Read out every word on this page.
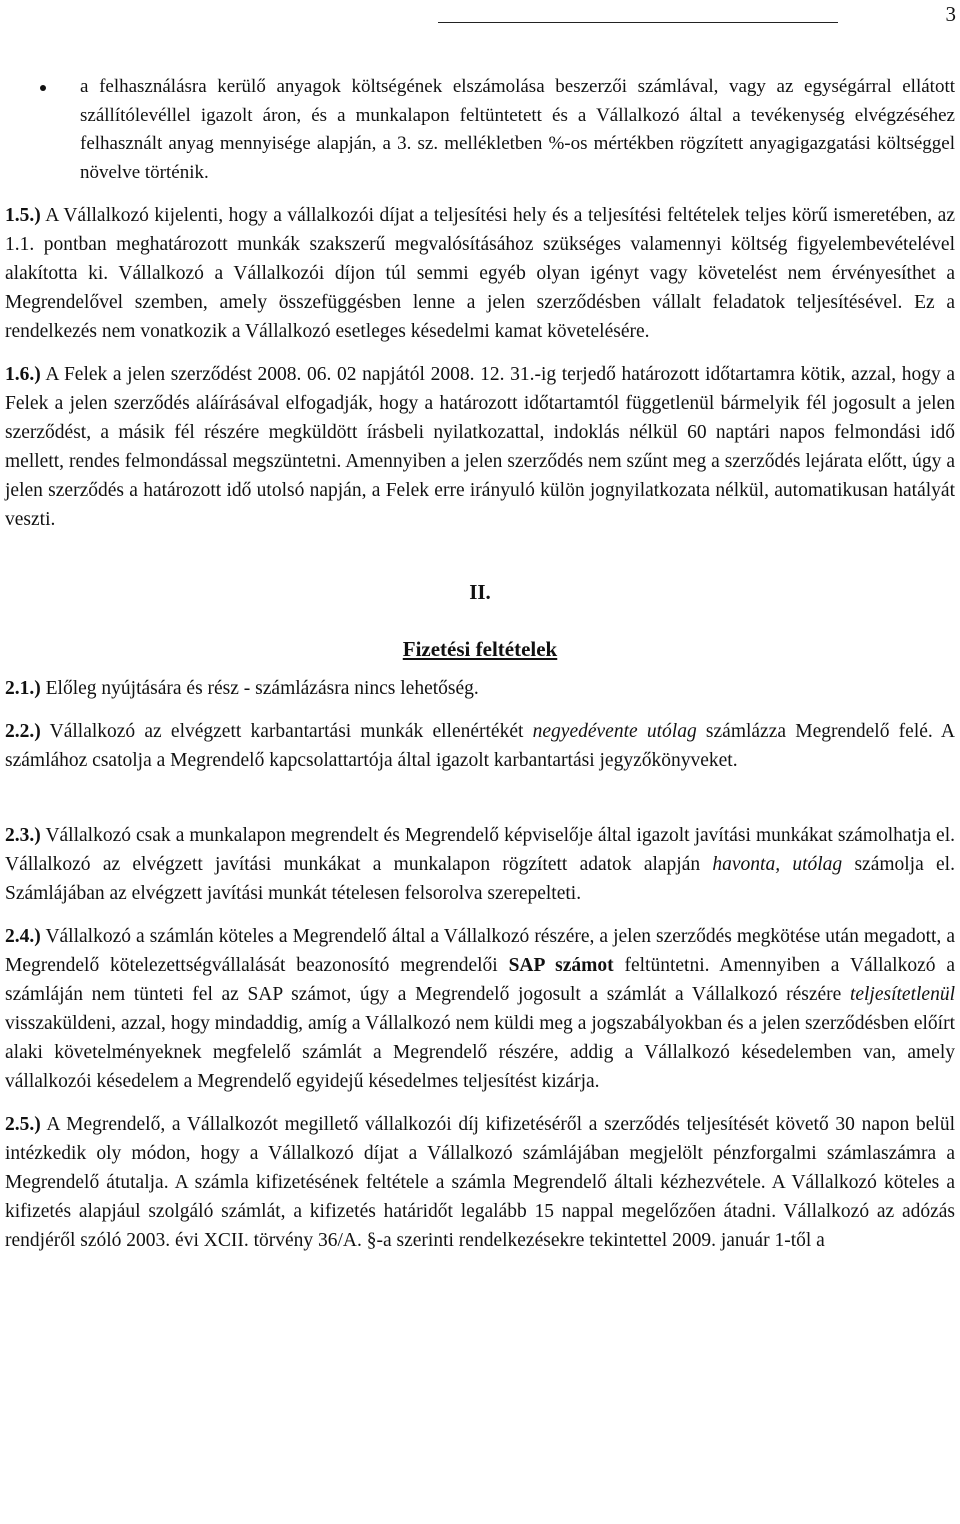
3
a felhasználásra kerülő anyagok költségének elszámolása beszerzői számlával, vagy az egységárral ellátott szállítólevéllel igazolt áron, és a munkalapon feltüntetett és a Vállalkozó által a tevékenység elvégzéséhez felhasznált anyag mennyisége alapján, a 3. sz. mellékletben %-os mértékben rögzített anyagigazgatási költséggel növelve történik.

1.5.) A Vállalkozó kijelenti, hogy a vállalkozói díjat a teljesítési hely és a teljesítési feltételek teljes körű ismeretében, az 1.1. pontban meghatározott munkák szakszerű megvalósításához szükséges valamennyi költség figyelembevételével alakította ki. Vállalkozó a Vállalkozói díjon túl semmi egyéb olyan igényt vagy követelést nem érvényesíthet a Megrendelővel szemben, amely összefüggésben lenne a jelen szerződésben vállalt feladatok teljesítésével. Ez a rendelkezés nem vonatkozik a Vállalkozó esetleges késedelmi kamat követelésére.

1.6.) A Felek a jelen szerződést 2008. 06. 02 napjától 2008. 12. 31.-ig terjedő határozott időtartamra kötik, azzal, hogy a Felek a jelen szerződés aláírásával elfogadják, hogy a határozott időtartamtól függetlenül bármelyik fél jogosult a jelen szerződést, a másik fél részére megküldött írásbeli nyilatkozattal, indoklás nélkül 60 naptári napos felmondási idő mellett, rendes felmondással megszüntetni. Amennyiben a jelen szerződés nem szűnt meg a szerződés lejárata előtt, úgy a jelen szerződés a határozott idő utolsó napján, a Felek erre irányuló külön jognyilatkozata nélkül, automatikusan hatályát veszti.

II.
Fizetési feltételek

2.1.) Előleg nyújtására és rész - számlázásra nincs lehetőség.

2.2.) Vállalkozó az elvégzett karbantartási munkák ellenértékét negyedévente utólag számlázza Megrendelő felé. A számlához csatolja a Megrendelő kapcsolattartója által igazolt karbantartási jegyzőkönyveket.

2.3.) Vállalkozó csak a munkalapon megrendelt és Megrendelő képviselője által igazolt javítási munkákat számolhatja el. Vállalkozó az elvégzett javítási munkákat a munkalapon rögzített adatok alapján havonta, utólag számolja el. Számlájában az elvégzett javítási munkát tételesen felsorolva szerepelteti.

2.4.) Vállalkozó a számlán köteles a Megrendelő által a Vállalkozó részére, a jelen szerződés megkötése után megadott, a Megrendelő kötelezettségvállalását beazonosító megrendelői SAP számot feltüntetni. Amennyiben a Vállalkozó a számláján nem tünteti fel az SAP számot, úgy a Megrendelő jogosult a számlát a Vállalkozó részére teljesítetlenül visszaküldeni, azzal, hogy mindaddig, amíg a Vállalkozó nem küldi meg a jogszabályokban és a jelen szerződésben előírt alaki követelményeknek megfelelő számlát a Megrendelő részére, addig a Vállalkozó késedelemben van, amely vállalkozói késedelem a Megrendelő egyidejű késedelmes teljesítést kizárja.

2.5.) A Megrendelő, a Vállalkozót megillető vállalkozói díj kifizetéséről a szerződés teljesítését követő 30 napon belül intézkedik oly módon, hogy a Vállalkozó díjat a Vállalkozó számlájában megjelölt pénzforgalmi számlaszámra a Megrendelő átutalja. A számla kifizetésének feltétele a számla Megrendelő általi kézhezvétele. A Vállalkozó köteles a kifizetés alapjául szolgáló számlát, a kifizetés határidőt legalább 15 nappal megelőzően átadni. Vállalkozó az adózás rendjéről szóló 2003. évi XCII. törvény 36/A. §-a szerinti rendelkezésekre tekintettel 2009. január 1-től a
